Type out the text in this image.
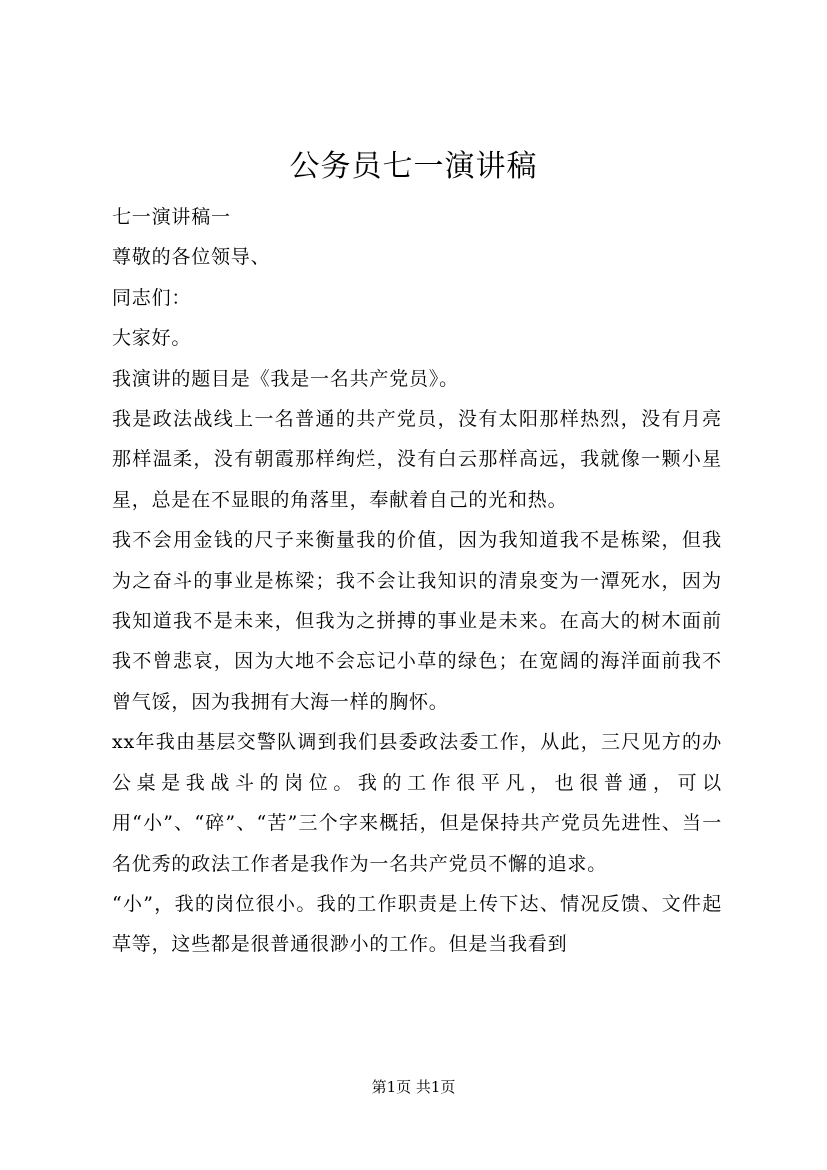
公务员七一演讲稿

七一演讲稿一

尊敬的各位领导、

同志们：

大家好。

我演讲的题目是《我是一名共产党员》。

我是政法战线上一名普通的共产党员，没有太阳那样热烈，没有月亮那样温柔，没有朝霞那样绚烂，没有白云那样高远，我就像一颗小星星，总是在不显眼的角落里，奉献着自己的光和热。

我不会用金钱的尺子来衡量我的价值，因为我知道我不是栋梁，但我为之奋斗的事业是栋梁；我不会让我知识的清泉变为一潭死水，因为我知道我不是未来，但我为之拼搏的事业是未来。在高大的树木面前我不曾悲哀，因为大地不会忘记小草的绿色；在宽阔的海洋面前我不曾气馁，因为我拥有大海一样的胸怀。

xx年我由基层交警队调到我们县委政法委工作，从此，三尺见方的办公桌是我战斗的岗位。我的工作很平凡，也很普通，可以用“小”、“碎”、“苦”三个字来概括，但是保持共产党员先进性、当一名优秀的政法工作者是我作为一名共产党员不懈的追求。

“小”，我的岗位很小。我的工作职责是上传下达、情况反馈、文件起草等，这些都是很普通很渺小的工作。但是当我看到

第1页 共1页
